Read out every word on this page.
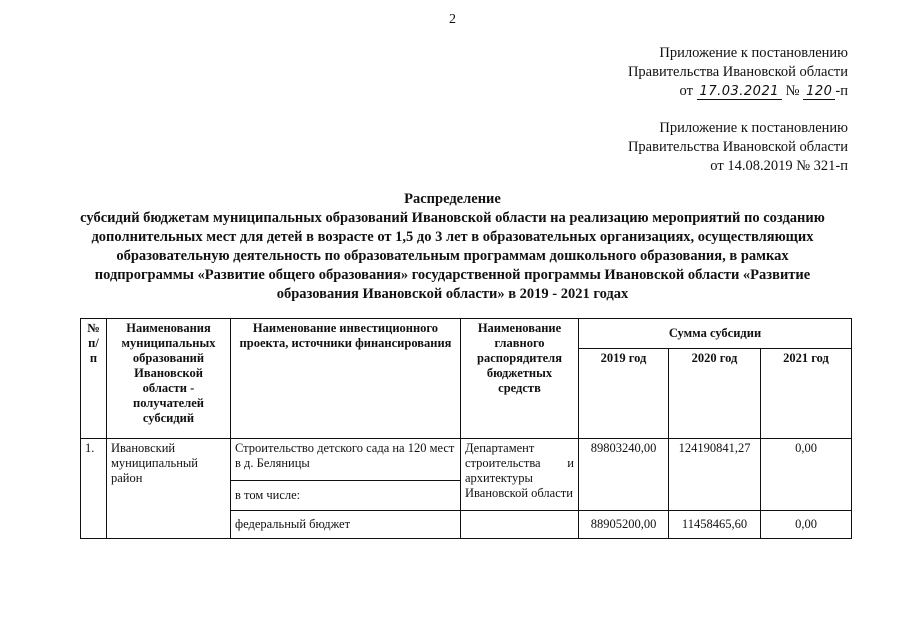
2
Приложение к постановлению
Правительства Ивановской области
от 17.03.2021 № 120 -п
Приложение к постановлению
Правительства Ивановской области
от 14.08.2019 № 321-п
Распределение
субсидий бюджетам муниципальных образований Ивановской области на реализацию мероприятий по созданию
дополнительных мест для детей в возрасте от 1,5 до 3 лет в образовательных организациях, осуществляющих
образовательную деятельность по образовательным программам дошкольного образования, в рамках
подпрограммы «Развитие общего образования» государственной программы Ивановской области «Развитие
образования Ивановской области» в 2019 - 2021 годах
№ п/п	Наименования муниципальных образований Ивановской области - получателей субсидий	Наименование инвестиционного проекта, источники финансирования	Наименование главного распорядителя бюджетных средств	Сумма субсидии		
				2019 год	2020 год	2021 год
1.	Ивановский муниципальный район	Строительство детского сада на 120 мест в д. Беляницы	Департамент
строительства и
архитектуры Ивановской области	89803240,00	124190841,27	0,00
		в том числе:				
		федеральный бюджет		88905200,00	11458465,60	0,00
